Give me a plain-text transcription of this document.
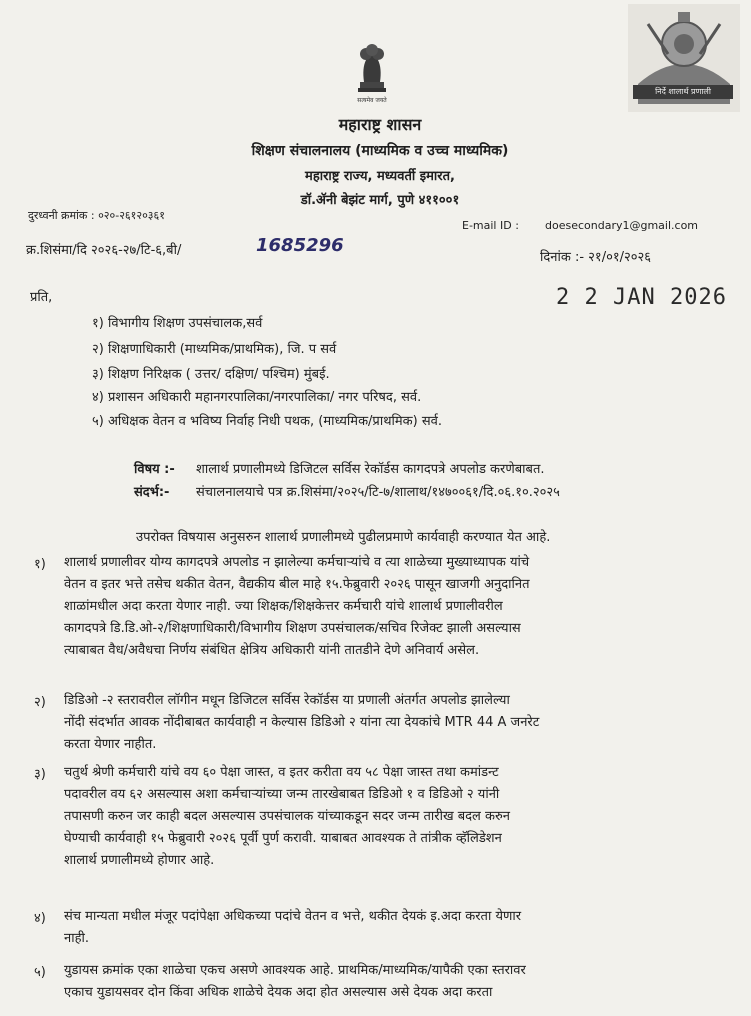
सत्यमेव जयते
निर्दे शालार्थ प्रणाली
महाराष्ट्र शासन
शिक्षण संचालनालय (माध्यमिक व उच्च माध्यमिक)
महाराष्ट्र राज्य, मध्यवर्ती इमारत,
डॉ.ॲनी बेझंट मार्ग, पुणे ४११००१
दुरध्वनी क्रमांक : ०२०-२६१२०३६१
E-mail ID : doesecondary1@gmail.com
क्र.शिसंमा/दि २०२६-२७/टि-६,बी/	1685296
दिनांक :- २१/०१/२०२६
2 2 JAN 2026
प्रति,
१) विभागीय शिक्षण उपसंचालक,सर्व
२) शिक्षणाधिकारी (माध्यमिक/प्राथमिक), जि. प सर्व
३) शिक्षण निरिक्षक ( उत्तर/ दक्षिण/ पश्चिम) मुंबई.
४) प्रशासन अधिकारी महानगरपालिका/नगरपालिका/ नगर परिषद, सर्व.
५) अधिक्षक वेतन व भविष्य निर्वाह निधी पथक, (माध्यमिक/प्राथमिक) सर्व.
विषय :- शालार्थ प्रणालीमध्ये डिजिटल सर्विस रेकॉर्डस कागदपत्रे अपलोड करणेबाबत.
संदर्भ:- संचालनालयाचे पत्र क्र.शिसंमा/२०२५/टि-७/शालाथ/१४७००६१/दि.०६.१०.२०२५
उपरोक्त विषयास अनुसरुन शालार्थ प्रणालीमध्ये पुढीलप्रमाणे कार्यवाही करण्यात येत आहे.
१) शालार्थ प्रणालीवर योग्य कागदपत्रे अपलोड न झालेल्या कर्मचाऱ्यांचे व त्या शाळेच्या मुख्याध्यापक यांचे
वेतन व इतर भत्ते तसेच थकीत वेतन, वैद्यकीय बील माहे १५.फेब्रुवारी २०२६ पासून खाजगी अनुदानित
शाळांमधील अदा करता येणार नाही. ज्या शिक्षक/शिक्षकेत्तर कर्मचारी यांचे शालार्थ प्रणालीवरील
कागदपत्रे डि.डि.ओ-२/शिक्षणाधिकारी/विभागीय शिक्षण उपसंचालक/सचिव रिजेक्ट झाली असल्यास
त्याबाबत वैध/अवैधचा निर्णय संबंधित क्षेत्रिय अधिकारी यांनी तातडीने देणे अनिवार्य असेल.
२) डिडिओ -२ स्तरावरील लॉगीन मधून डिजिटल सर्विस रेकॉर्डस या प्रणाली अंतर्गत अपलोड झालेल्या
नोंदी संदर्भात आवक नोंदीबाबत कार्यवाही न केल्यास डिडिओ २ यांना त्या देयकांचे MTR 44 A जनरेट
करता येणार नाहीत.
३) चतुर्थ श्रेणी कर्मचारी यांचे वय ६० पेक्षा जास्त, व इतर करीता वय ५८ पेक्षा जास्त तथा कमांडन्ट
पदावरील वय ६२ असल्यास अशा कर्मचाऱ्यांच्या जन्म तारखेबाबत डिडिओ १ व डिडिओ २ यांनी
तपासणी करुन जर काही बदल असल्यास उपसंचालक यांच्याकडून सदर जन्म तारीख बदल करुन
घेण्याची कार्यवाही १५ फेब्रुवारी २०२६ पूर्वी पुर्ण करावी. याबाबत आवश्यक ते तांत्रीक व्हॅलिडेशन
शालार्थ प्रणालीमध्ये होणार आहे.
४) संच मान्यता मधील मंजूर पदांपेक्षा अधिकच्या पदांचे वेतन व भत्ते, थकीत देयकं इ.अदा करता येणार
नाही.
५) युडायस क्रमांक एका शाळेचा एकच असणे आवश्यक आहे. प्राथमिक/माध्यमिक/यापैकी एका स्तरावर
एकाच युडायसवर दोन किंवा अधिक शाळेचे देयक अदा होत असल्यास असे देयक अदा करता
